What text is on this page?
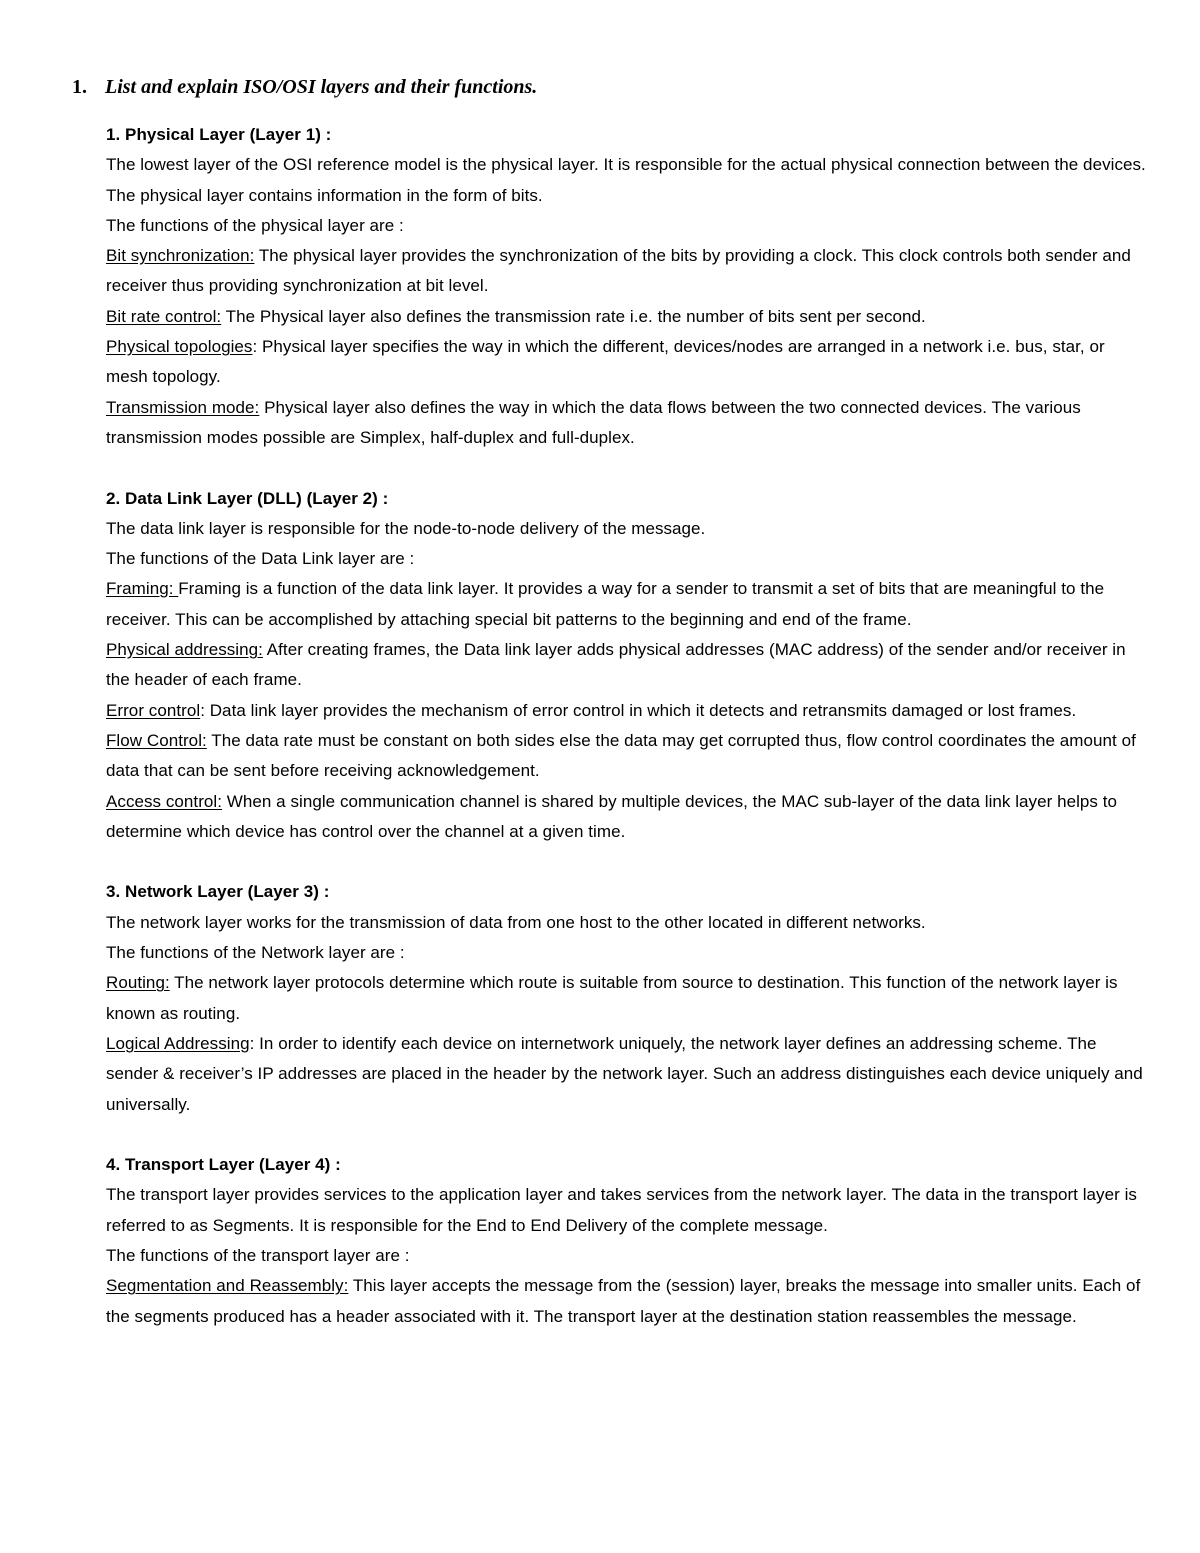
1. List and explain ISO/OSI layers and their functions.

1. Physical Layer (Layer 1) :

The lowest layer of the OSI reference model is the physical layer. It is responsible for the actual physical connection between the devices. The physical layer contains information in the form of bits.

The functions of the physical layer are :

Bit synchronization: The physical layer provides the synchronization of the bits by providing a clock. This clock controls both sender and receiver thus providing synchronization at bit level.

Bit rate control: The Physical layer also defines the transmission rate i.e. the number of bits sent per second.

Physical topologies: Physical layer specifies the way in which the different, devices/nodes are arranged in a network i.e. bus, star, or mesh topology.

Transmission mode: Physical layer also defines the way in which the data flows between the two connected devices. The various transmission modes possible are Simplex, half-duplex and full-duplex.

2. Data Link Layer (DLL) (Layer 2) :

The data link layer is responsible for the node-to-node delivery of the message.

The functions of the Data Link layer are :

Framing: Framing is a function of the data link layer. It provides a way for a sender to transmit a set of bits that are meaningful to the receiver. This can be accomplished by attaching special bit patterns to the beginning and end of the frame.

Physical addressing: After creating frames, the Data link layer adds physical addresses (MAC address) of the sender and/or receiver in the header of each frame.

Error control: Data link layer provides the mechanism of error control in which it detects and retransmits damaged or lost frames.

Flow Control: The data rate must be constant on both sides else the data may get corrupted thus, flow control coordinates the amount of data that can be sent before receiving acknowledgement.

Access control: When a single communication channel is shared by multiple devices, the MAC sub-layer of the data link layer helps to determine which device has control over the channel at a given time.

3. Network Layer (Layer 3) :

The network layer works for the transmission of data from one host to the other located in different networks.

The functions of the Network layer are :

Routing: The network layer protocols determine which route is suitable from source to destination. This function of the network layer is known as routing.

Logical Addressing: In order to identify each device on internetwork uniquely, the network layer defines an addressing scheme. The sender & receiver’s IP addresses are placed in the header by the network layer. Such an address distinguishes each device uniquely and universally.

4. Transport Layer (Layer 4) :

The transport layer provides services to the application layer and takes services from the network layer. The data in the transport layer is referred to as Segments. It is responsible for the End to End Delivery of the complete message.

The functions of the transport layer are :

Segmentation and Reassembly: This layer accepts the message from the (session) layer, breaks the message into smaller units. Each of the segments produced has a header associated with it. The transport layer at the destination station reassembles the message.
